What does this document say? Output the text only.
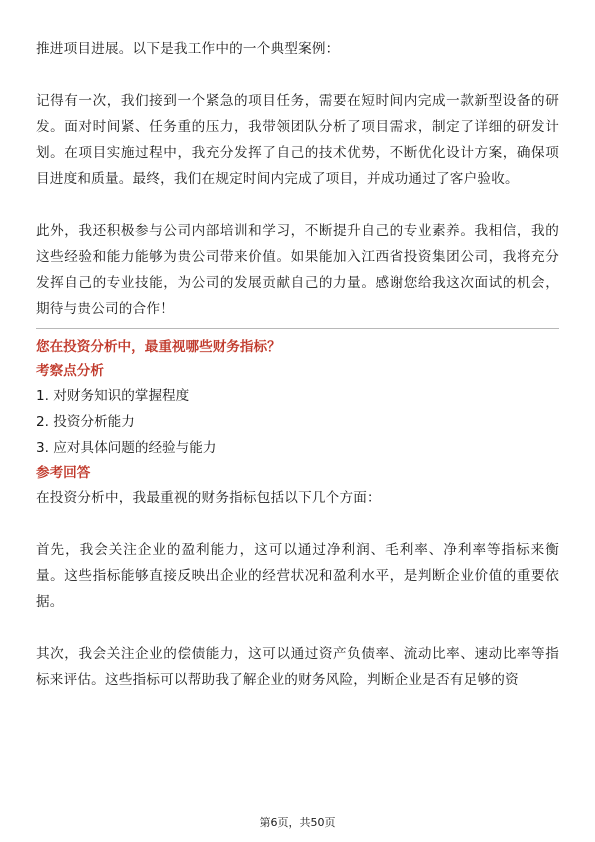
推进项目进展。以下是我工作中的一个典型案例：

记得有一次，我们接到一个紧急的项目任务，需要在短时间内完成一款新型设备的研发。面对时间紧、任务重的压力，我带领团队分析了项目需求，制定了详细的研发计划。在项目实施过程中，我充分发挥了自己的技术优势，不断优化设计方案，确保项目进度和质量。最终，我们在规定时间内完成了项目，并成功通过了客户验收。

此外，我还积极参与公司内部培训和学习，不断提升自己的专业素养。我相信，我的这些经验和能力能够为贵公司带来价值。如果能加入江西省投资集团公司，我将充分发挥自己的专业技能，为公司的发展贡献自己的力量。感谢您给我这次面试的机会，期待与贵公司的合作！

您在投资分析中，最重视哪些财务指标？

考察点分析

1. 对财务知识的掌握程度

2. 投资分析能力

3. 应对具体问题的经验与能力

参考回答

在投资分析中，我最重视的财务指标包括以下几个方面：

首先，我会关注企业的盈利能力，这可以通过净利润、毛利率、净利率等指标来衡量。这些指标能够直接反映出企业的经营状况和盈利水平，是判断企业价值的重要依据。

其次，我会关注企业的偿债能力，这可以通过资产负债率、流动比率、速动比率等指标来评估。这些指标可以帮助我了解企业的财务风险，判断企业是否有足够的资

第6页，共50页
